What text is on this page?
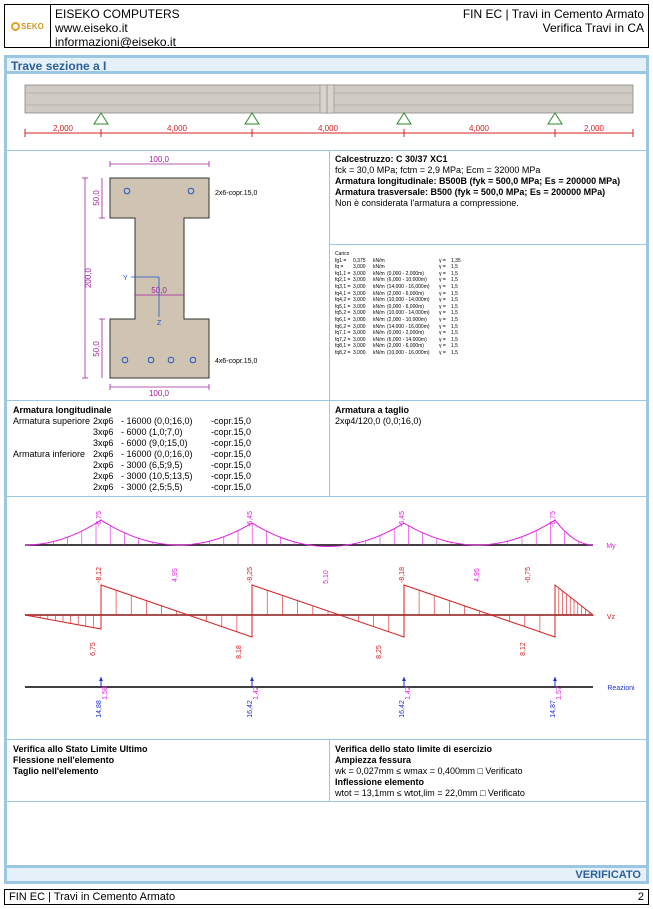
SEKO
EISEKO COMPUTERS
www.eiseko.it
informazioni@eiseko.it
FIN EC | Travi in Cemento Armato
Verifica Travi in CA
Trave sezione a I
2,000	4,000	4,000	4,000	2,000
100,0
100,0
50,0
200,0
50,0
50,0
Y
Z
2x6-copr.15,0
4x6-copr.15,0
Calcestruzzo: C 30/37 XC1
fck = 30,0 MPa; fctm = 2,9 MPa; Ecm = 32000 MPa
Armatura longitudinale: B500B (fyk = 500,0 MPa; Es = 200000 MPa)
Armatura trasversale: B500 (fyk = 500,0 MPa; Es = 200000 MPa)
Non è considerata l'armatura a compressione.
Carico
fg1 =	0,375	kN/m	γ =	1,35
fq =	3,000	kN/m	γ =	1,5
fq1,1 = 3,000	kN/m (0,000 - 2,000m)	γ =	1,5
fq2,1 = 3,000	kN/m (6,000 - 10,000m)	γ =	1,5
fq3,1 = 3,000	kN/m (14,000 - 16,000m)	γ =	1,5
fq4,1 = 3,000	kN/m (2,000 - 6,000m)	γ =	1,5
fq4,2 = 3,000	kN/m (10,000 - 14,000m)	γ =	1,5
fq5,1 = 3,000	kN/m (0,000 - 6,000m)	γ =	1,5
fq5,2 = 3,000	kN/m (10,000 - 14,000m)	γ =	1,5
fq6,1 = 3,000	kN/m (2,000 - 10,000m)	γ =	1,5
fq6,2 = 3,000	kN/m (14,000 - 16,000m)	γ =	1,5
fq7,1 = 3,000	kN/m (0,000 - 2,000m)	γ =	1,5
fq7,2 = 3,000	kN/m (6,000 - 14,000m)	γ =	1,5
fq8,1 = 3,000	kN/m (2,000 - 6,000m)	γ =	1,5
fq8,2 = 3,000	kN/m (10,000 - 16,000m)	γ =	1,5
Armatura longitudinale
Armatura superiore 2xφ6 - 16000 (0,0;16,0)	-copr.15,0
3xφ6 - 6000 (1,0;7,0)	-copr.15,0
3xφ6 - 6000 (9,0;15,0)	-copr.15,0
Armatura inferiore 2xφ6 - 16000 (0,0;16,0)	-copr.15,0
2xφ6 - 3000 (6,5;9,5)	-copr.15,0
2xφ6 - 3000 (10,5;13,5)	-copr.15,0
2xφ6 - 3000 (2,5;5,5)	-copr.15,0
Armatura a taglio
2xφ4/120,0 (0,0;16,0)
-6,75
4,95
-6,45
5,10
-6,45
4,95
-6,75
My
-8,12	-8,25	-8,18	-6,75
6,75	8,18	8,25	8,12
Vz
14,88
1,58
16,42
1,42
16,42
1,42
14,87
1,57	Reazioni
Verifica allo Stato Limite Ultimo
Flessione nell'elemento
Taglio nell'elemento
Verifica dello stato limite di esercizio
Ampiezza fessura
wk = 0,027mm ≤ wmax = 0,400mm □ Verificato
Inflessione elemento
wtot = 13,1mm ≤ wtot,lim = 22,0mm □ Verificato
VERIFICATO
FIN EC | Travi in Cemento Armato	2
